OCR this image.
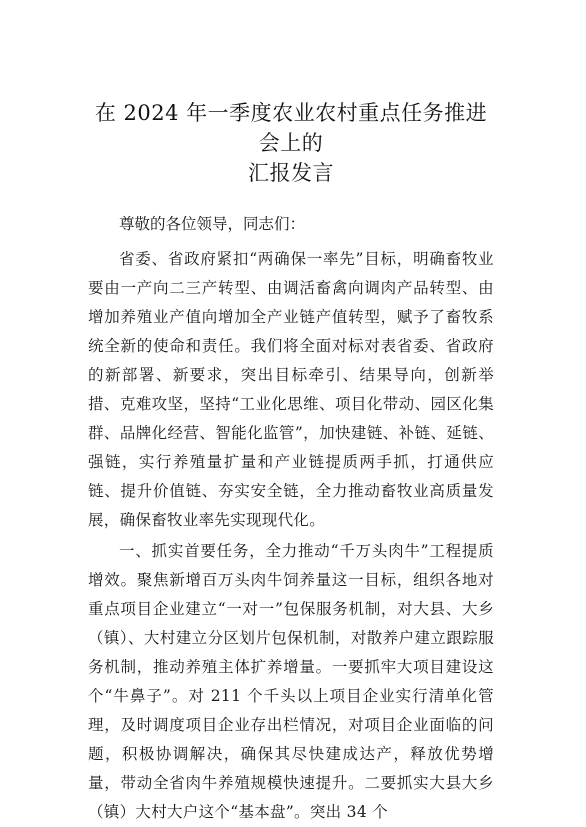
在 2024 年一季度农业农村重点任务推进会上的
汇报发言

尊敬的各位领导，同志们：

省委、省政府紧扣“两确保一率先”目标，明确畜牧业要由一产向二三产转型、由调活畜禽向调肉产品转型、由增加养殖业产值向增加全产业链产值转型，赋予了畜牧系统全新的使命和责任。我们将全面对标对表省委、省政府的新部署、新要求，突出目标牵引、结果导向，创新举措、克难攻坚，坚持“工业化思维、项目化带动、园区化集群、品牌化经营、智能化监管”，加快建链、补链、延链、强链，实行养殖量扩量和产业链提质两手抓，打通供应链、提升价值链、夯实安全链，全力推动畜牧业高质量发展，确保畜牧业率先实现现代化。

一、抓实首要任务，全力推动“千万头肉牛”工程提质增效。聚焦新增百万头肉牛饲养量这一目标，组织各地对重点项目企业建立“一对一”包保服务机制，对大县、大乡（镇）、大村建立分区划片包保机制，对散养户建立跟踪服务机制，推动养殖主体扩养增量。一要抓牢大项目建设这个“牛鼻子”。对 211 个千头以上项目企业实行清单化管理，及时调度项目企业存出栏情况，对项目企业面临的问题，积极协调解决，确保其尽快建成达产，释放优势增量，带动全省肉牛养殖规模快速提升。二要抓实大县大乡（镇）大村大户这个“基本盘”。突出 34 个
